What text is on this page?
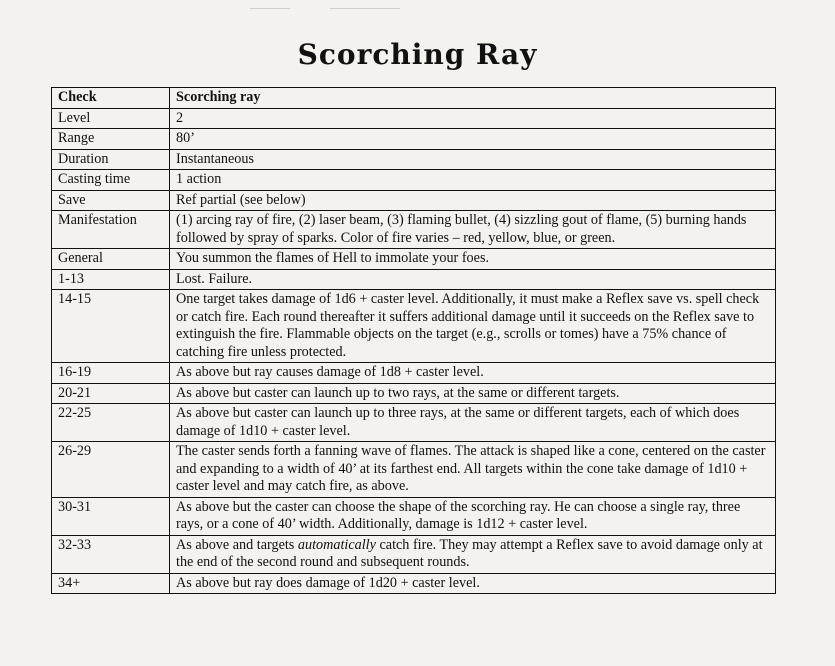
Scorching Ray
Check	Scorching ray
Level	2
Range	80’
Duration	Instantaneous
Casting time	1 action
Save	Ref partial (see below)
Manifestation	(1) arcing ray of fire, (2) laser beam, (3) flaming bullet, (4) sizzling gout of flame, (5) burning hands followed by spray of sparks. Color of fire varies – red, yellow, blue, or green.
General	You summon the flames of Hell to immolate your foes.
1-13	Lost. Failure.
14-15	One target takes damage of 1d6 + caster level. Additionally, it must make a Reflex save vs. spell check or catch fire. Each round thereafter it suffers additional damage until it succeeds on the Reflex save to extinguish the fire. Flammable objects on the target (e.g., scrolls or tomes) have a 75% chance of catching fire unless protected.
16-19	As above but ray causes damage of 1d8 + caster level.
20-21	As above but caster can launch up to two rays, at the same or different targets.
22-25	As above but caster can launch up to three rays, at the same or different targets, each of which does damage of 1d10 + caster level.
26-29	The caster sends forth a fanning wave of flames. The attack is shaped like a cone, centered on the caster and expanding to a width of 40’ at its farthest end. All targets within the cone take damage of 1d10 + caster level and may catch fire, as above.
30-31	As above but the caster can choose the shape of the scorching ray. He can choose a single ray, three rays, or a cone of 40’ width. Additionally, damage is 1d12 + caster level.
32-33	As above and targets automatically catch fire. They may attempt a Reflex save to avoid damage only at the end of the second round and subsequent rounds.
34+	As above but ray does damage of 1d20 + caster level.
